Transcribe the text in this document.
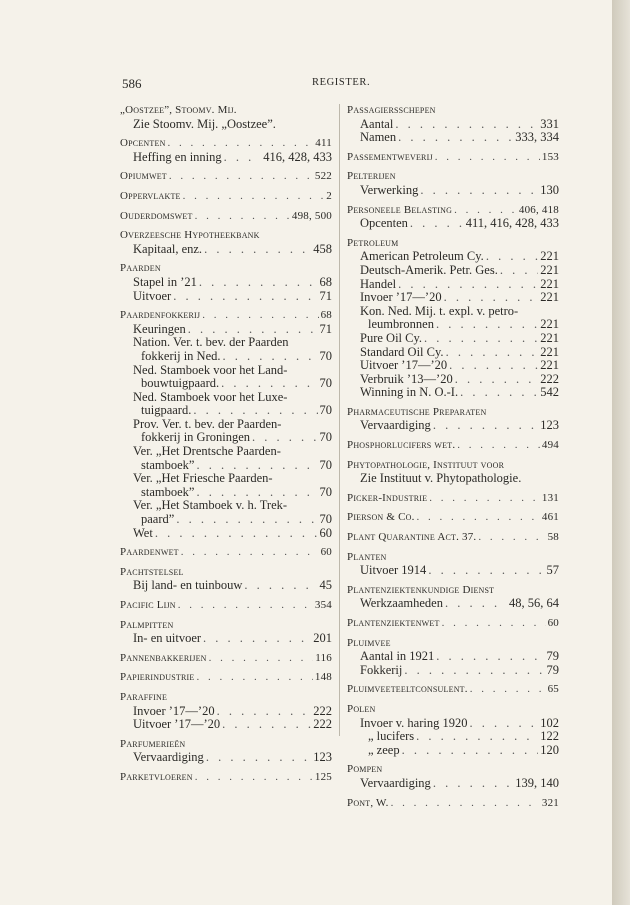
586	REGISTER.
„Oostzee”, Stoomv. Mij.
Zie Stoomv. Mij. „Oostzee”.
Opcenten . . .	411
Heffing en inning . . .	416, 428, 433
Opiumwet . . .	522
Oppervlakte . . .	2
Ouderdomswet . . .	498, 500
Overzeesche Hypotheekbank
Kapitaal, enz. . . .	458
Paarden
Stapel in ’21 . . .	68
Uitvoer . . .	71
Paardenfokkerij . . .	68
Keuringen . . .	71
Nation. Ver. t. bev. der Paarden
fokkerij in Ned. . . .	70
Ned. Stamboek voor het Land-
bouwtuigpaard. . . .	70
Ned. Stamboek voor het Luxe-
tuigpaard. . . .	70
Prov. Ver. t. bev. der Paarden-
fokkerij in Groningen . . .	70
Ver. „Het Drentsche Paarden-
stamboek” . . .	70
Ver. „Het Friesche Paarden-
stamboek” . . .	70
Ver. „Het Stamboek v. h. Trek-
paard” . . .	70
Wet . . .	60
Paardenwet . . .	60
Pachtstelsel
Bij land- en tuinbouw . . .	45
Pacific Lijn . . .	354
Palmpitten
In- en uitvoer . . .	201
Pannenbakkerijen . . .	116
Papierindustrie . . .	148
Paraffine
Invoer ’17—’20 . . .	222
Uitvoer ’17—’20 . . .	222
Parfumerieën
Vervaardiging . . .	123
Parketvloeren . . .	125
Passagiersschepen
Aantal . . .	331
Namen . . .	333, 334
Passementweverij . . .	153
Pelterijen
Verwerking . . .	130
Personeele Belasting . . .	406, 418
Opcenten . . .	411, 416, 428, 433
Petroleum
American Petroleum Cy. . . .	221
Deutsch-Amerik. Petr. Ges. . . .	221
Handel . . .	221
Invoer ’17—’20 . . .	221
Kon. Ned. Mij. t. expl. v. petro-
leumbronnen . . .	221
Pure Oil Cy. . . .	221
Standard Oil Cy. . . .	221
Uitvoer ’17—’20 . . .	221
Verbruik ’13—’20 . . .	222
Winning in N. O.-I. . . .	542
Pharmaceutische Preparaten
Vervaardiging . . .	123
Phosphorlucifers wet. . . .	494
Phytopathologie, Instituut voor
Zie Instituut v. Phytopathologie.
Picker-Industrie . . .	131
Pierson & Co. . . .	461
Plant Quarantine Act. 37. . . .	58
Planten
Uitvoer 1914 . . .	57
Plantenziektenkundige Dienst
Werkzaamheden . . .	48, 56, 64
Plantenziektenwet . . .	60
Pluimvee
Aantal in 1921 . . .	79
Fokkerij . . .	79
Pluimveeteeltconsulent. . . .	65
Polen
Invoer v. haring 1920 . . .	102
„ lucifers . . .	122
„ zeep . . .	120
Pompen
Vervaardiging . . .	139, 140
Pont, W. . . .	321
